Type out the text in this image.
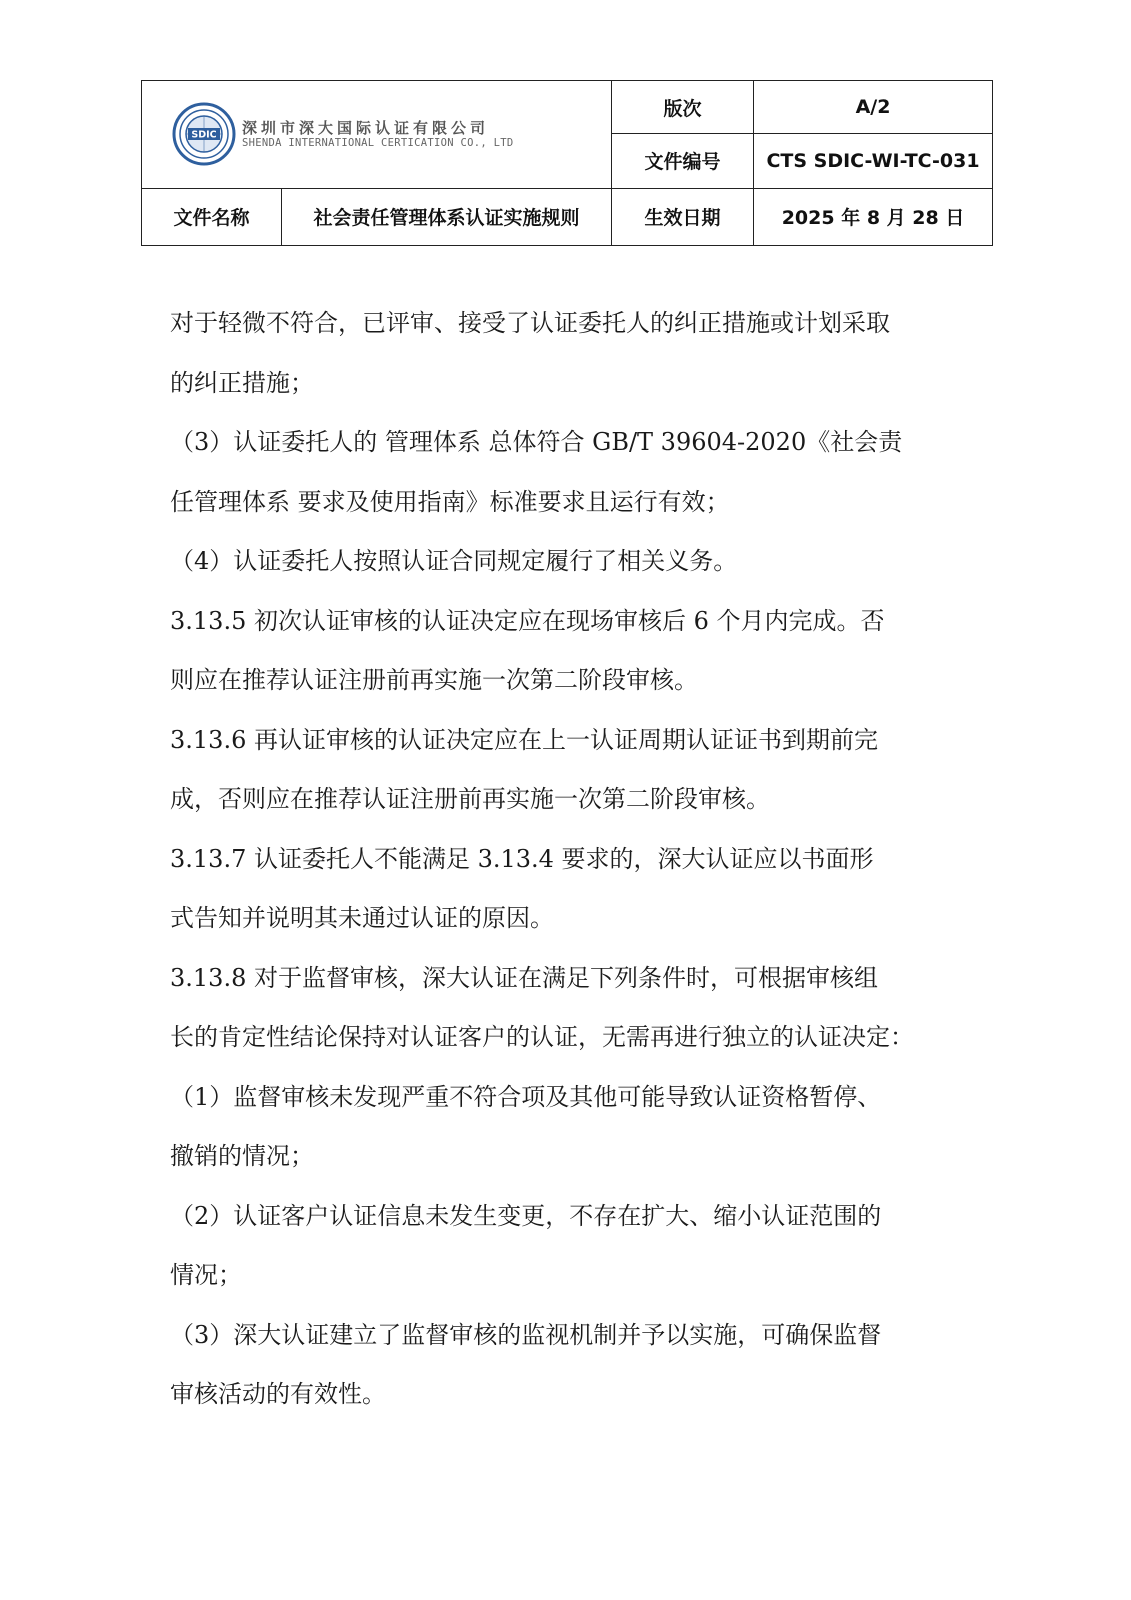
SDIC 深圳市深大国际认证有限公司
SHENDA INTERNATIONAL CERTICATION CO., LTD		版次	A/2
		文件编号	CTS SDIC-WI-TC-031
文件名称	社会责任管理体系认证实施规则	生效日期	2025 年 8 月 28 日

对于轻微不符合，已评审、接受了认证委托人的纠正措施或计划采取

的纠正措施；

（3）认证委托人的 管理体系 总体符合 GB/T 39604-2020《社会责

任管理体系 要求及使用指南》标准要求且运行有效；

（4）认证委托人按照认证合同规定履行了相关义务。

3.13.5 初次认证审核的认证决定应在现场审核后 6 个月内完成。否

则应在推荐认证注册前再实施一次第二阶段审核。

3.13.6 再认证审核的认证决定应在上一认证周期认证证书到期前完

成，否则应在推荐认证注册前再实施一次第二阶段审核。

3.13.7 认证委托人不能满足 3.13.4 要求的，深大认证应以书面形

式告知并说明其未通过认证的原因。

3.13.8 对于监督审核，深大认证在满足下列条件时，可根据审核组

长的肯定性结论保持对认证客户的认证，无需再进行独立的认证决定：

（1）监督审核未发现严重不符合项及其他可能导致认证资格暂停、

撤销的情况；

（2）认证客户认证信息未发生变更，不存在扩大、缩小认证范围的

情况；

（3）深大认证建立了监督审核的监视机制并予以实施，可确保监督

审核活动的有效性。
